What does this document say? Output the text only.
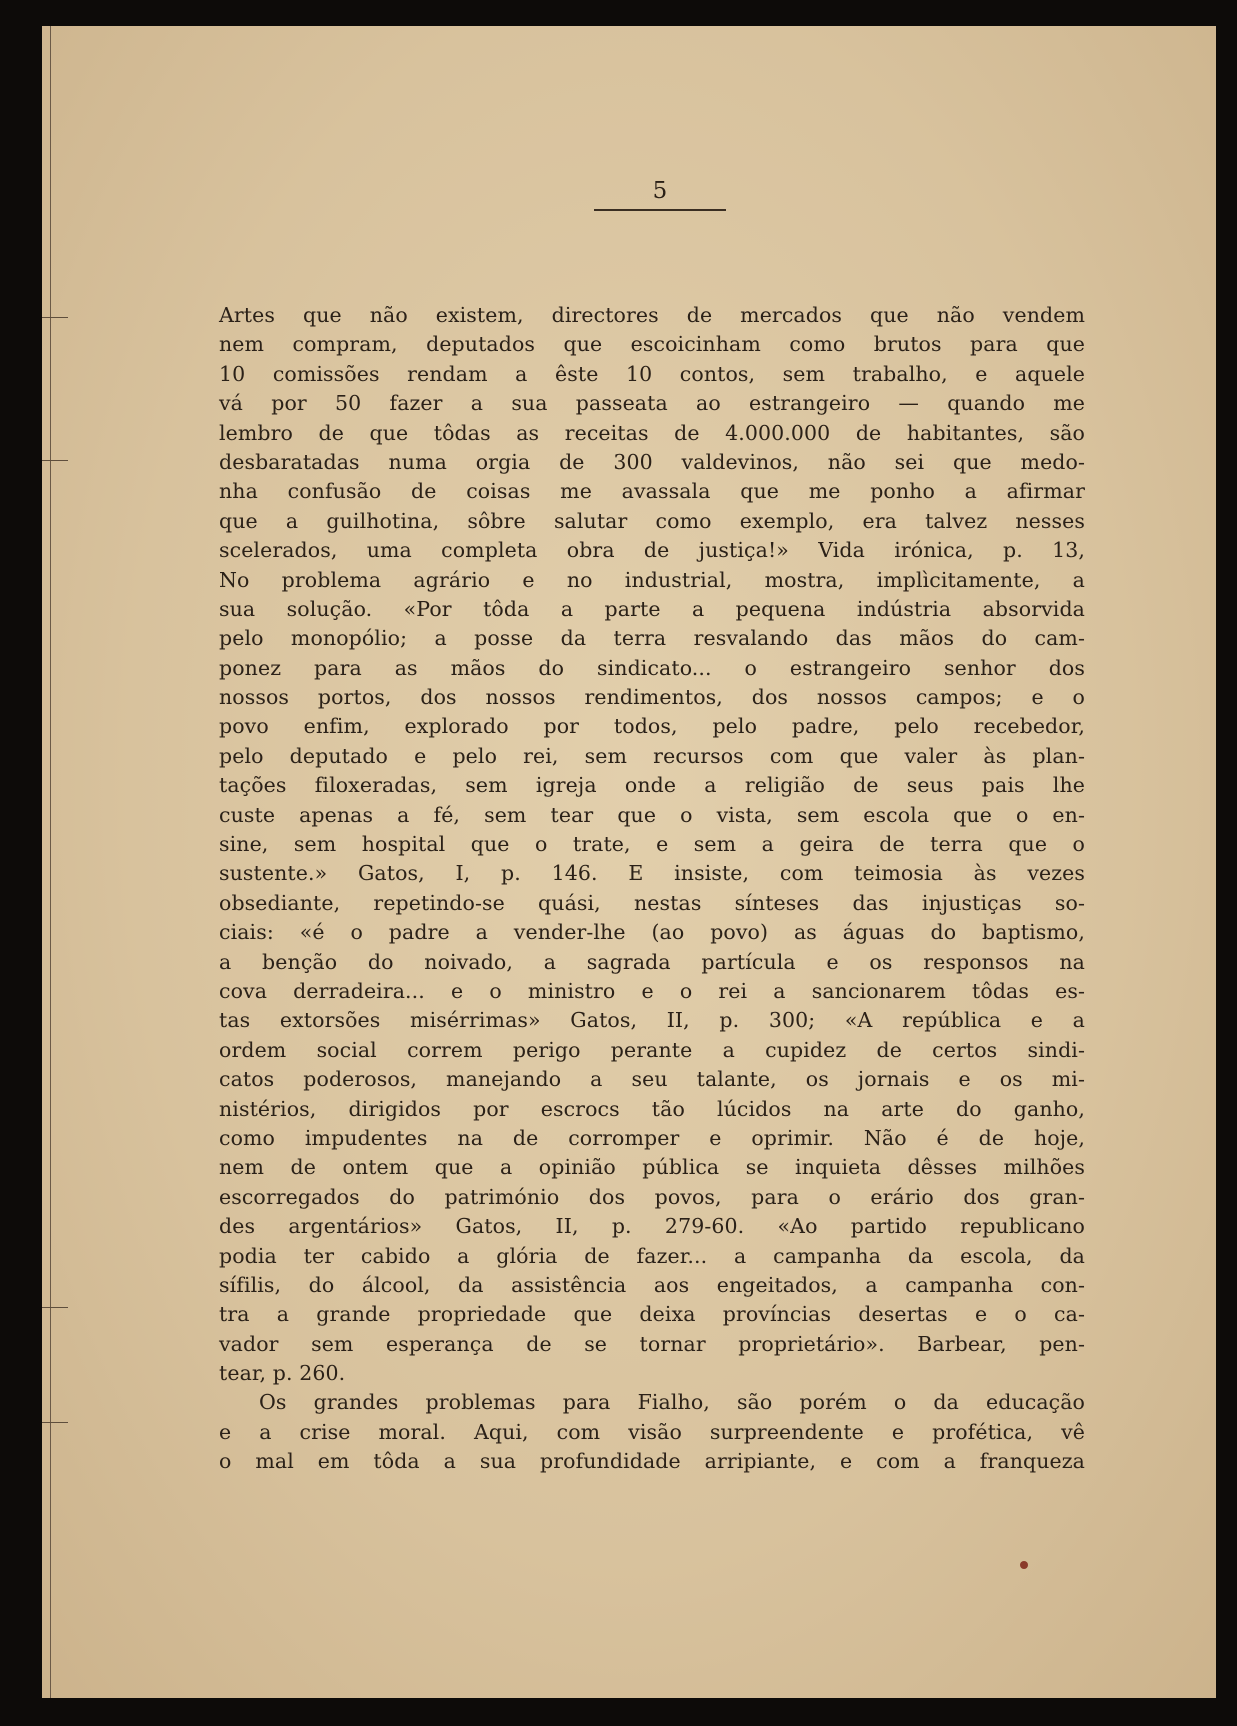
5
Artes que não existem, directores de mercados que não vendem
nem compram, deputados que escoicinham como brutos para que
10 comissões rendam a êste 10 contos, sem trabalho, e aquele
vá por 50 fazer a sua passeata ao estrangeiro — quando me
lembro de que tôdas as receitas de 4.000.000 de habitantes, são
desbaratadas numa orgia de 300 valdevinos, não sei que medo-
nha confusão de coisas me avassala que me ponho a afirmar
que a guilhotina, sôbre salutar como exemplo, era talvez nesses
scelerados, uma completa obra de justiça!» Vida irónica, p. 13,
No problema agrário e no industrial, mostra, implìcitamente, a
sua solução. «Por tôda a parte a pequena indústria absorvida
pelo monopólio; a posse da terra resvalando das mãos do cam-
ponez para as mãos do sindicato... o estrangeiro senhor dos
nossos portos, dos nossos rendimentos, dos nossos campos; e o
povo enfim, explorado por todos, pelo padre, pelo recebedor,
pelo deputado e pelo rei, sem recursos com que valer às plan-
tações filoxeradas, sem igreja onde a religião de seus pais lhe
custe apenas a fé, sem tear que o vista, sem escola que o en-
sine, sem hospital que o trate, e sem a geira de terra que o
sustente.» Gatos, I, p. 146. E insiste, com teimosia às vezes
obsediante, repetindo-se quási, nestas sínteses das injustiças so-
ciais: «é o padre a vender-lhe (ao povo) as águas do baptismo,
a benção do noivado, a sagrada partícula e os responsos na
cova derradeira... e o ministro e o rei a sancionarem tôdas es-
tas extorsões misérrimas» Gatos, II, p. 300; «A república e a
ordem social correm perigo perante a cupidez de certos sindi-
catos poderosos, manejando a seu talante, os jornais e os mi-
nistérios, dirigidos por escrocs tão lúcidos na arte do ganho,
como impudentes na de corromper e oprimir. Não é de hoje,
nem de ontem que a opinião pública se inquieta dêsses milhões
escorregados do património dos povos, para o erário dos gran-
des argentários» Gatos, II, p. 279-60. «Ao partido republicano
podia ter cabido a glória de fazer... a campanha da escola, da
sífilis, do álcool, da assistência aos engeitados, a campanha con-
tra a grande propriedade que deixa províncias desertas e o ca-
vador sem esperança de se tornar proprietário». Barbear, pen-
tear, p. 260.
Os grandes problemas para Fialho, são porém o da educação
e a crise moral. Aqui, com visão surpreendente e profética, vê
o mal em tôda a sua profundidade arripiante, e com a franqueza
